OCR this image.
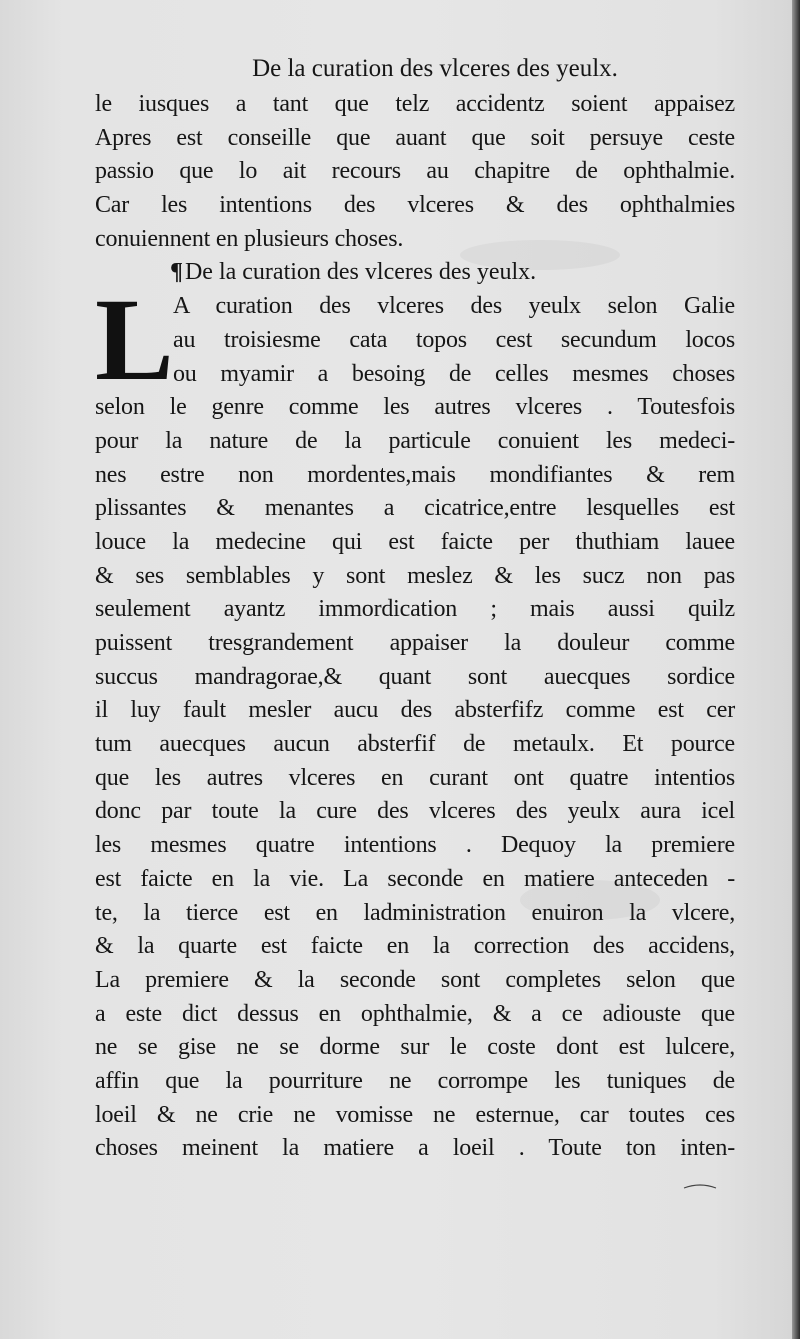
De la curation des vlceres des yeulx.
le iusques a tant que telz accidentz soient appaisez
Apres est conseille que auant que soit persuye ceste
passio que lo ait recours au chapitre de ophthalmie.
Car les intentions des vlceres & des ophthalmies
conuiennent en plusieurs choses.
¶De la curation des vlceres des yeulx.
L A curation des vlceres des yeulx selon Galie
au troisiesme cata topos cest secundum locos
ou myamir a besoing de celles mesmes choses
selon le genre comme les autres vlceres . Toutesfois
pour la nature de la particule conuient les medeci-
nes estre non mordentes,mais mondifiantes & rem
plissantes & menantes a cicatrice,entre lesquelles est
louce la medecine qui est faicte per thuthiam lauee
& ses semblables y sont meslez & les sucz non pas
seulement ayantz immordication ; mais aussi quilz
puissent tresgrandement appaiser la douleur comme
succus mandragorae,& quant sont auecques sordice
il luy fault mesler aucu des absterfifz comme est cer
tum auecques aucun absterfif de metaulx. Et pource
que les autres vlceres en curant ont quatre intentios
donc par toute la cure des vlceres des yeulx aura icel
les mesmes quatre intentions . Dequoy la premiere
est faicte en la vie. La seconde en matiere anteceden -
te, la tierce est en ladministration enuiron la vlcere,
& la quarte est faicte en la correction des accidens,
La premiere & la seconde sont completes selon que
a este dict dessus en ophthalmie, & a ce adiouste que
ne se gise ne se dorme sur le coste dont est lulcere,
affin que la pourriture ne corrompe les tuniques de
loeil & ne crie ne vomisse ne esternue, car toutes ces
choses meinent la matiere a loeil . Toute ton inten-
